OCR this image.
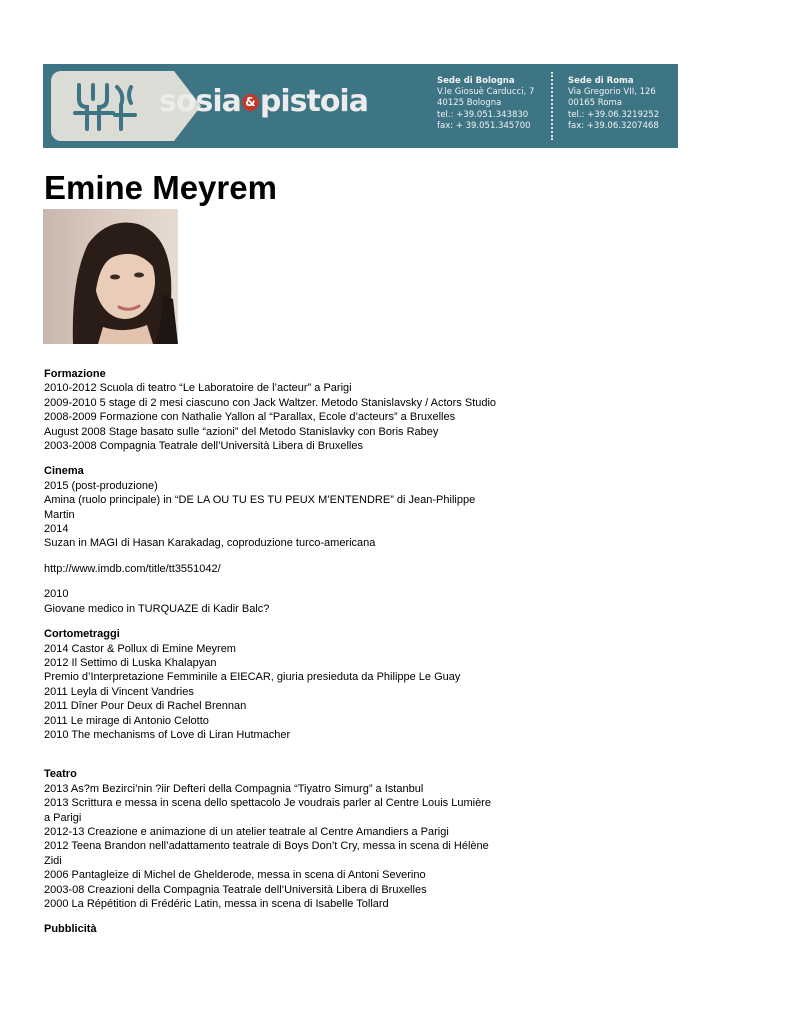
sosia & pistoia
Sede di Bologna
V.le Giosuè Carducci, 7
40125 Bologna
tel.: +39.051.343830
fax: + 39.051.345700
Sede di Roma
Via Gregorio VII, 126
00165 Roma
tel.: +39.06.3219252
fax: +39.06.3207468
Emine Meyrem

Formazione

2010-2012 Scuola di teatro “Le Laboratoire de l’acteur” a Parigi

2009-2010 5 stage di 2 mesi ciascuno con Jack Waltzer. Metodo Stanislavsky / Actors Studio

2008-2009 Formazione con Nathalie Yallon al “Parallax, Ecole d’acteurs” a Bruxelles

August 2008 Stage basato sulle “azioni” del Metodo Stanislavky con Boris Rabey

2003-2008 Compagnia Teatrale dell’Università Libera di Bruxelles

Cinema

2015 (post-produzione)

Amina (ruolo principale) in “DE LA OU TU ES TU PEUX M’ENTENDRE” di Jean-Philippe

Martin

2014

Suzan in MAGI di Hasan Karakadag, coproduzione turco-americana

http://www.imdb.com/title/tt3551042/

2010

Giovane medico in TURQUAZE di Kadir Balc?

Cortometraggi

2014 Castor & Pollux di Emine Meyrem

2012 Il Settimo di Luska Khalapyan

Premio d’Interpretazione Femminile a EIECAR, giuria presieduta da Philippe Le Guay

2011 Leyla di Vincent Vandries

2011 Dîner Pour Deux di Rachel Brennan

2011 Le mirage di Antonio Celotto

2010 The mechanisms of Love di Liran Hutmacher

Teatro

2013 As?m Bezirci’nin ?iir Defteri della Compagnia “Tiyatro Simurg” a Istanbul

2013 Scrittura e messa in scena dello spettacolo Je voudrais parler al Centre Louis Lumière

a Parigi

2012-13 Creazione e animazione di un atelier teatrale al Centre Amandiers a Parigi

2012 Teena Brandon nell’adattamento teatrale di Boys Don’t Cry, messa in scena di Hélène

Zidi

2006 Pantagleize di Michel de Ghelderode, messa in scena di Antoni Severino

2003-08 Creazioni della Compagnia Teatrale dell’Università Libera di Bruxelles

2000 La Répétition di Frédéric Latin, messa in scena di Isabelle Tollard

Pubblicità
